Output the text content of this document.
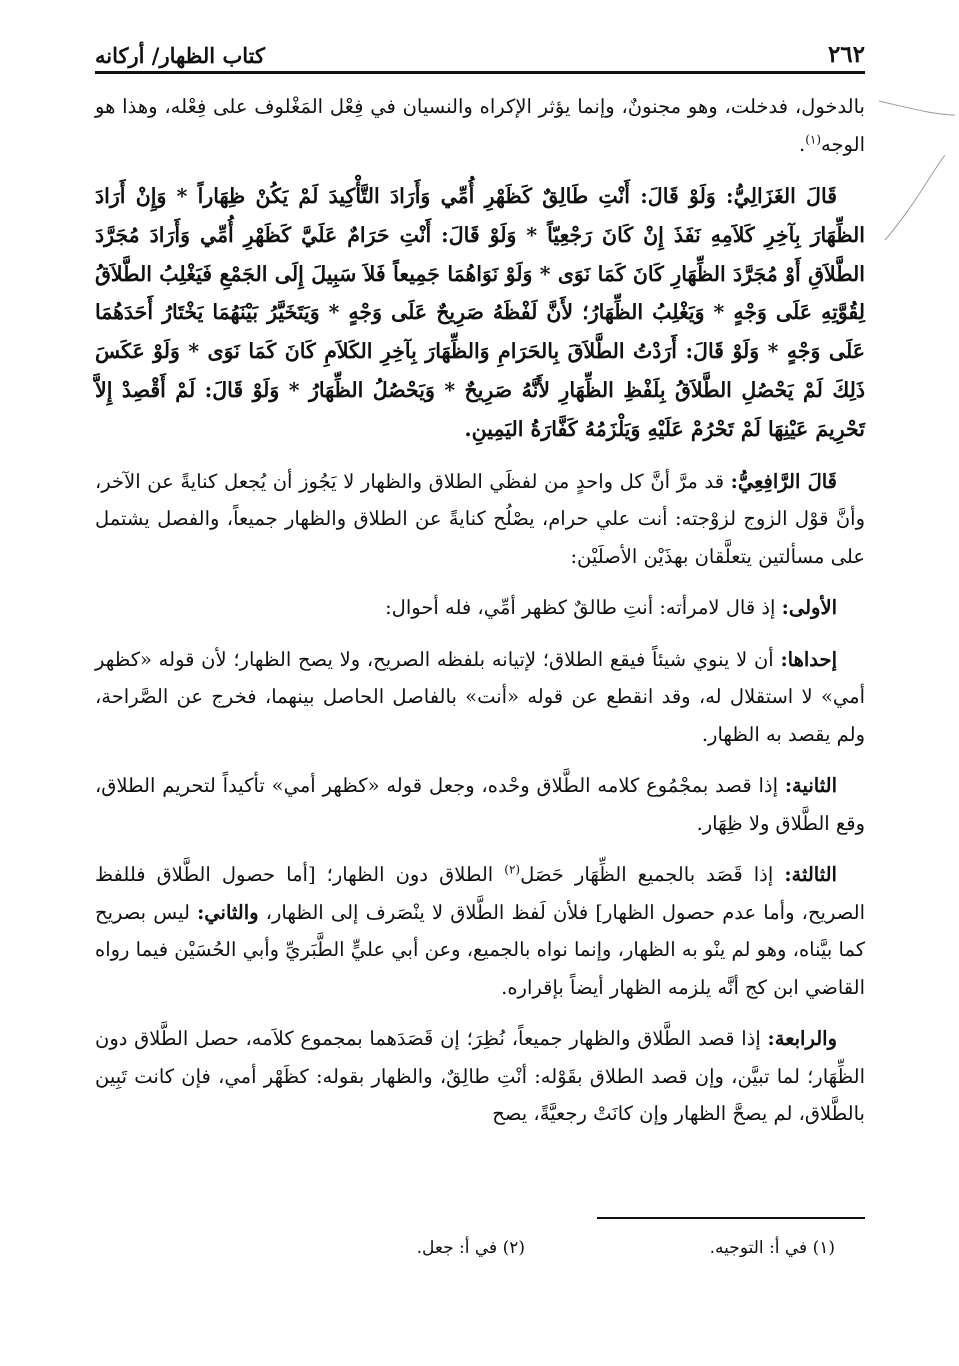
٢٦٢
كتاب الظهار/ أركانه

بالدخول، فدخلت، وهو مجنونٌ، وإنما يؤثر الإكراه والنسيان في فِعْل المَغْلوف على فِعْله، وهذا هو الوجه$^{(١)}$.

قَالَ الغَزَالِيُّ: وَلَوْ قَالَ: أَنْتِ طَالِقٌ كَظَهْرِ أُمِّي وَأَرَادَ التَّأْكِيدَ لَمْ يَكُنْ ظِهَاراً * وَإِنْ أَرَادَ الظِّهَارَ بِآخِرِ كَلاَمِهِ نَفَذَ إِنْ كَانَ رَجْعِيّاً * وَلَوْ قَالَ: أَنْتِ حَرَامٌ عَلَيَّ كَظَهْرِ أُمِّي وَأَرَادَ مُجَرَّدَ الطَّلاَقِ أَوْ مُجَرَّدَ الظِّهَارِ كَانَ كَمَا نَوَى * وَلَوْ نَوَاهُمَا جَمِيعاً فَلاَ سَبِيلَ إِلَى الجَمْعِ فَيَغْلِبُ الطَّلاَقُ لِقُوَّتِهِ عَلَى وَجْهٍ * وَيَغْلِبُ الظِّهَارُ؛ لأَنَّ لَفْظَهُ صَرِيحٌ عَلَى وَجْهٍ * وَيَتَخَيَّرُ بَيْنَهُمَا يَخْتَارُ أَحَدَهُمَا عَلَى وَجْهٍ * وَلَوْ قَالَ: أَرَدْتُ الطَّلاَقَ بِالحَرَامِ وَالظِّهَارَ بِآخِرِ الكَلاَمِ كَانَ كَمَا نَوَى * وَلَوْ عَكَسَ ذَلِكَ لَمْ يَحْصُلِ الطَّلاَقُ بِلَفْظِ الظِّهَارِ لأَنَّهُ صَرِيحٌ * وَيَحْصُلُ الظِّهَارُ * وَلَوْ قَالَ: لَمْ أَقْصِدْ إِلاَّ تَحْرِيمَ عَيْنِهَا لَمْ تَحْرُمْ عَلَيْهِ وَيَلْزَمُهُ كَفَّارَةُ اليَمِينِ.

قَالَ الرَّافِعِيُّ: قد مرَّ أنَّ كل واحدٍ من لفظَي الطلاق والظهار لا يَجُوز أن يُجعل كنايةً عن الآخر، وأنَّ قوْل الزوج لزوْجته: أنت علي حرام، يصْلُح كنايةً عن الطلاق والظهار جميعاً، والفصل يشتمل على مسألتين يتعلَّقان بهذَيْن الأصلَيْن:

الأولى: إذ قال لامرأته: أنتِ طالقٌ كظهر أمِّي، فله أحوال:

إحداها: أن لا ينوي شيئاً فيقع الطلاق؛ لإتيانه بلفظه الصريح، ولا يصح الظهار؛ لأن قوله «كظهر أمي» لا استقلال له، وقد انقطع عن قوله «أنت» بالفاصل الحاصل بينهما، فخرج عن الصَّراحة، ولم يقصد به الظهار.

الثانية: إذا قصد بمجْمُوع كلامه الطَّلاق وحْده، وجعل قوله «كظهر أمي» تأكيداً لتحريم الطلاق، وقع الطَّلاق ولا ظِهَار.

الثالثة: إذا قَصَد بالجميع الظِّهَار حَصَل$^{(٢)}$ الطلاق دون الظهار؛ [أما حصول الطَّلاق فللفظ الصريح، وأما عدم حصول الظهار] فلأن لَفظ الطَّلاق لا ينْصَرف إلى الظهار، والثاني: ليس بصريح كما بيَّناه، وهو لم ينْو به الظهار، وإنما نواه بالجميع، وعن أبي عليٍّ الطَّبَريِّ وأبي الحُسَيْن فيما رواه القاضي ابن كج أنَّه يلزمه الظهار أيضاً بإقراره.

والرابعة: إذا قصد الطَّلاق والظهار جميعاً، نُظِرَ؛ إن قَصَدَهما بمجموع كلاَمه، حصل الطَّلاق دون الظِّهَار؛ لما تبيَّن، وإن قصد الطلاق بقَوْله: أنْتِ طالِقٌ، والظهار بقوله: كظَهْر أمي، فإن كانت تَبِين بالطَّلاق، لم يصحَّ الظهار وإن كانَتْ رجعيَّةً، يصح

(١) في أ: التوجيه.
(٢) في أ: جعل.
